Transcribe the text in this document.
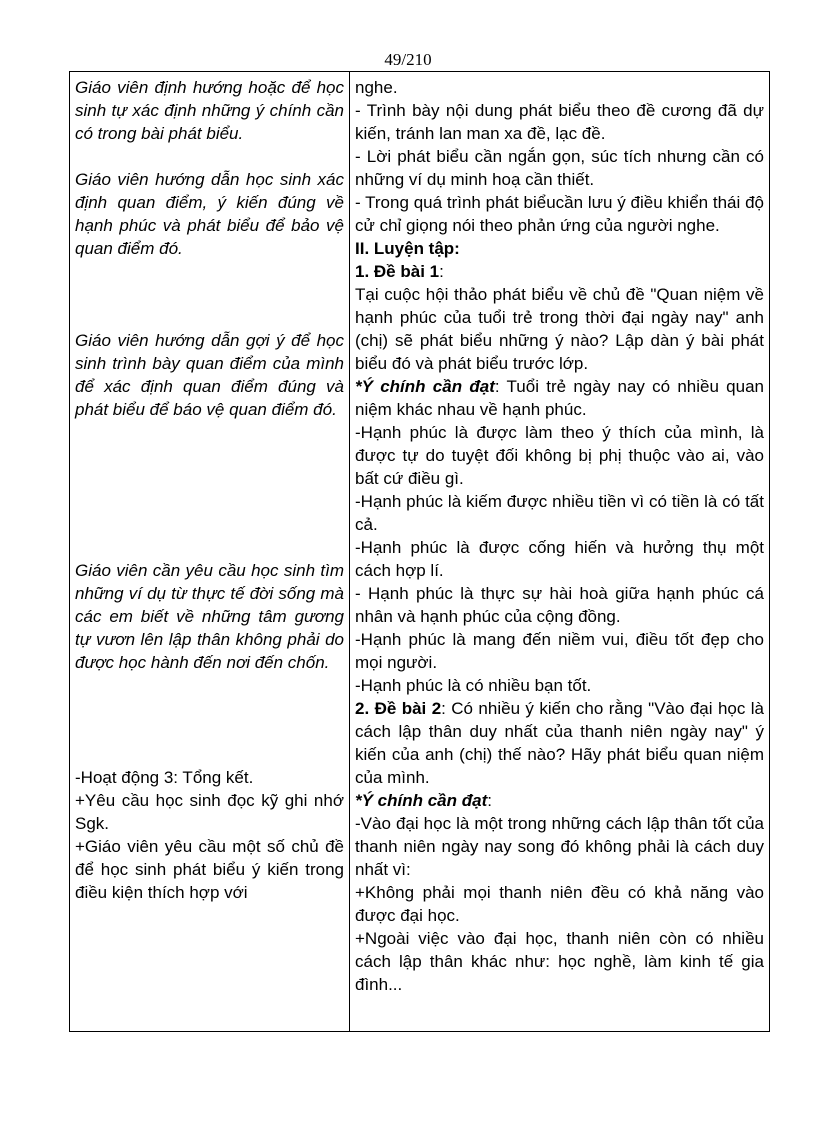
49/210

Giáo viên định hướng hoặc để học sinh tự xác định những ý chính cần có trong bài phát biểu.

Giáo viên hướng dẫn học sinh xác định quan điểm, ý kiến đúng về hạnh phúc và phát biểu để bảo vệ quan điểm đó.

Giáo viên hướng dẫn gợi ý để học sinh trình bày quan điểm của mình để xác định quan điểm đúng và phát biểu để báo vệ quan điểm đó.

Giáo viên cần yêu cầu học sinh tìm những ví dụ từ thực tế đời sống mà các em biết về những tâm gương tự vươn lên lập thân không phải do được học hành đến nơi đến chốn.

-Hoạt động 3: Tổng kết.

+Yêu cầu học sinh đọc kỹ ghi nhớ Sgk.

+Giáo viên yêu cầu một số chủ đề để học sinh phát biểu ý kiến trong điều kiện thích hợp với

nghe.

- Trình bày nội dung phát biểu theo đề cương đã dự kiến, tránh lan man xa đề, lạc đề.

- Lời phát biểu cần ngắn gọn, súc tích nhưng cần có những ví dụ minh hoạ cần thiết.

- Trong quá trình phát biểucần lưu ý điều khiển thái độ cử chỉ giọng nói theo phản ứng của người nghe.

II. Luyện tập:

1. Đề bài 1:

Tại cuộc hội thảo phát biểu về chủ đề "Quan niệm về hạnh phúc của tuổi trẻ trong thời đại ngày nay" anh (chị) sẽ phát biểu những ý nào? Lập dàn ý bài phát biểu đó và phát biểu trước lớp.

*Ý chính cần đạt: Tuổi trẻ ngày nay có nhiều quan niệm khác nhau về hạnh phúc.

-Hạnh phúc là được làm theo ý thích của mình, là được tự do tuyệt đối không bị phị thuộc vào ai, vào bất cứ điều gì.

-Hạnh phúc là kiếm được nhiều tiền vì có tiền là có tất cả.

-Hạnh phúc là được cống hiến và hưởng thụ một cách hợp lí.

- Hạnh phúc là thực sự hài hoà giữa hạnh phúc cá nhân và hạnh phúc của cộng đồng.

-Hạnh phúc là mang đến niềm vui, điều tốt đẹp cho mọi người.

-Hạnh phúc là có nhiều bạn tốt.

2. Đề bài 2: Có nhiều ý kiến cho rằng "Vào đại học là cách lập thân duy nhất của thanh niên ngày nay" ý kiến của anh (chị) thế nào? Hãy phát biểu quan niệm của mình.

*Ý chính cần đạt:

-Vào đại học là một trong những cách lập thân tốt của thanh niên ngày nay song đó không phải là cách duy nhất vì:

+Không phải mọi thanh niên đều có khả năng vào được đại học.

+Ngoài việc vào đại học, thanh niên còn có nhiều cách lập thân khác như: học nghề, làm kinh tế gia đình...
